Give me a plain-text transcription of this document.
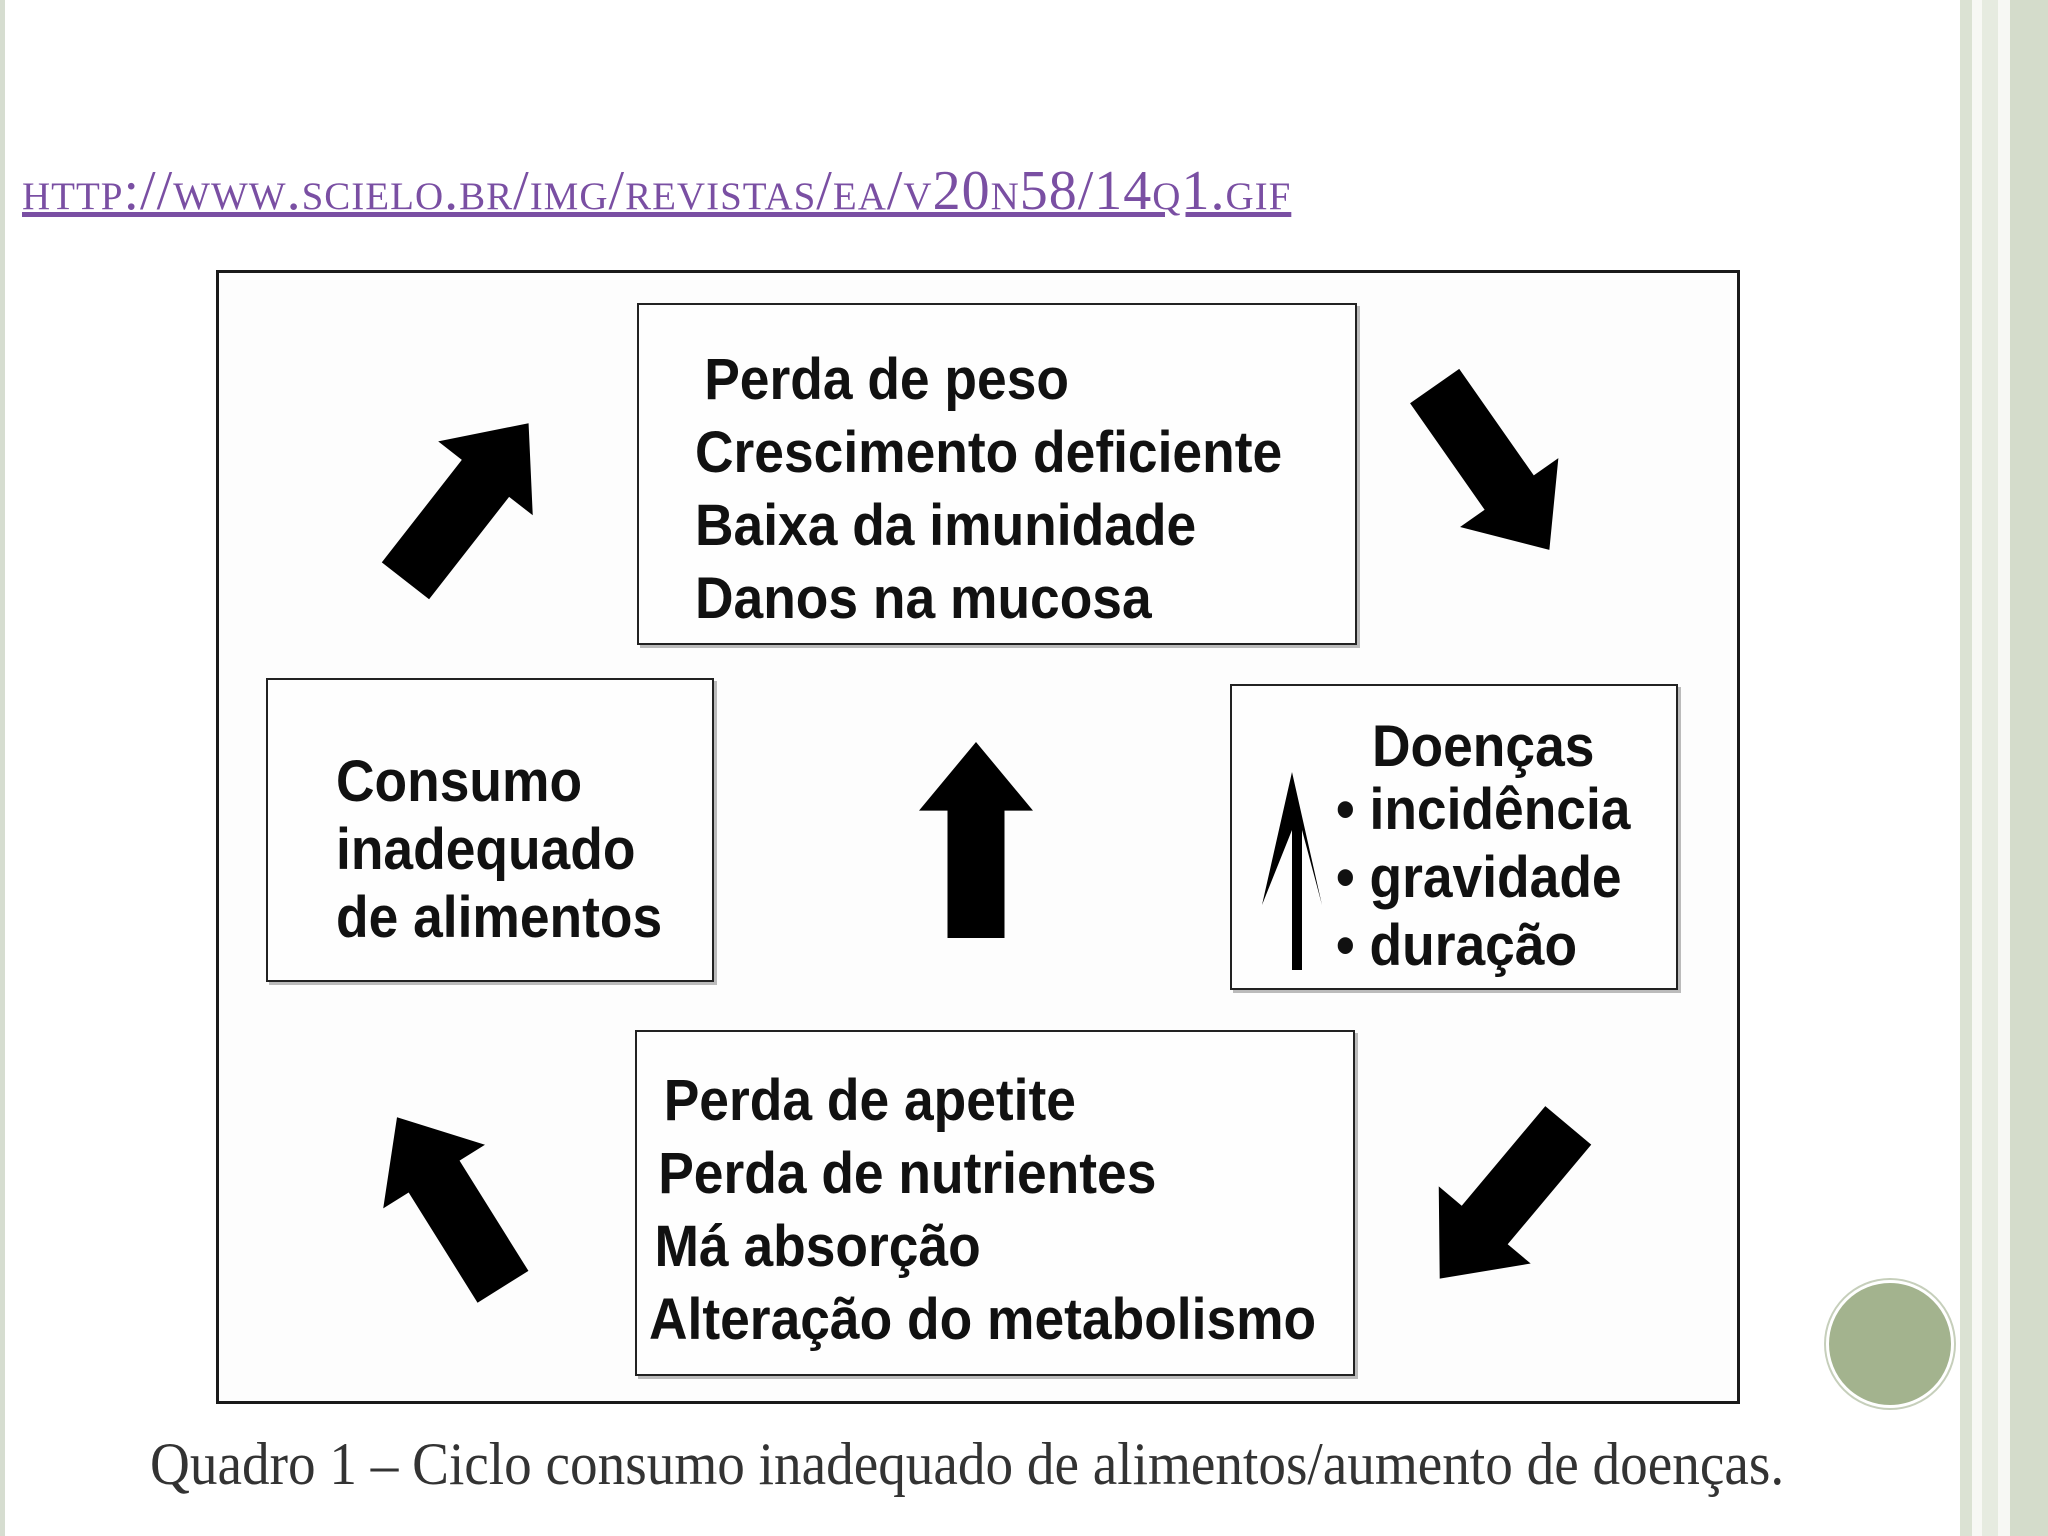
http://www.scielo.br/img/revistas/ea/v20n58/14q1.gif
Perda de peso
Crescimento deficiente
Baixa da imunidade
Danos na mucosa
Consumo
inadequado
de alimentos
Doenças
• incidência
• gravidade
• duração
Perda de apetite
Perda de nutrientes
Má absorção
Alteração do metabolismo
Quadro 1 – Ciclo consumo inadequado de alimentos/aumento de doenças.
